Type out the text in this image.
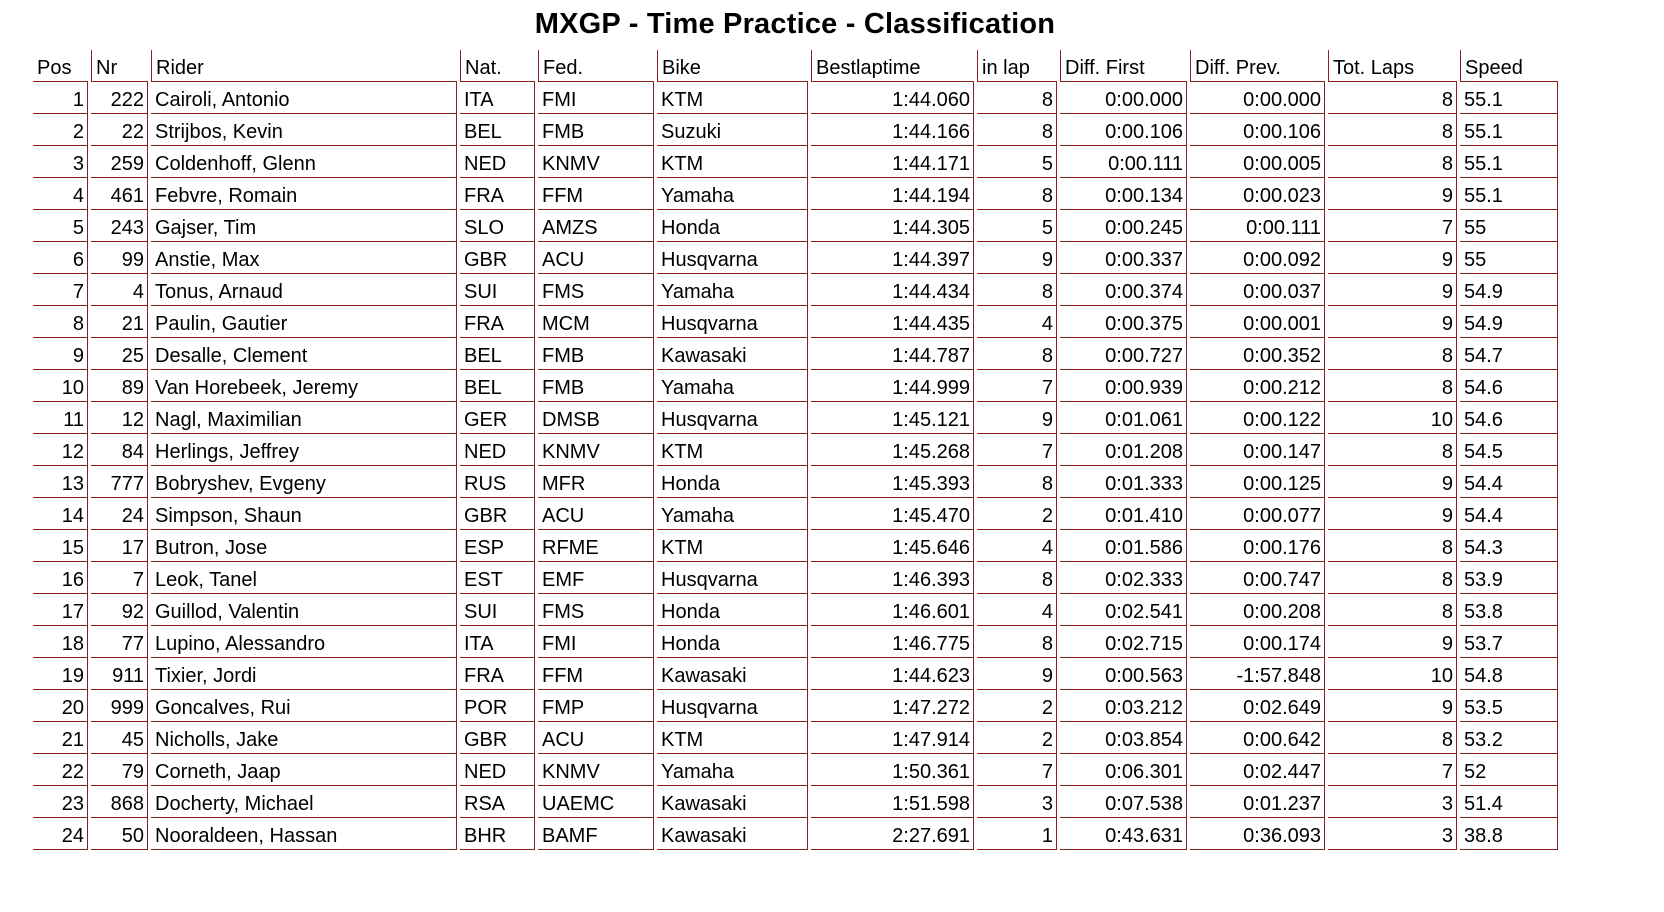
MXGP - Time Practice - Classification
Pos	Nr	Rider	Nat.	Fed.	Bike	Bestlaptime	in lap	Diff. First	Diff. Prev.	Tot. Laps	Speed
1	222	Cairoli, Antonio	ITA	FMI	KTM	1:44.060	8	0:00.000	0:00.000	8	55.1
2	22	Strijbos, Kevin	BEL	FMB	Suzuki	1:44.166	8	0:00.106	0:00.106	8	55.1
3	259	Coldenhoff, Glenn	NED	KNMV	KTM	1:44.171	5	0:00.111	0:00.005	8	55.1
4	461	Febvre, Romain	FRA	FFM	Yamaha	1:44.194	8	0:00.134	0:00.023	9	55.1
5	243	Gajser, Tim	SLO	AMZS	Honda	1:44.305	5	0:00.245	0:00.111	7	55
6	99	Anstie, Max	GBR	ACU	Husqvarna	1:44.397	9	0:00.337	0:00.092	9	55
7	4	Tonus, Arnaud	SUI	FMS	Yamaha	1:44.434	8	0:00.374	0:00.037	9	54.9
8	21	Paulin, Gautier	FRA	MCM	Husqvarna	1:44.435	4	0:00.375	0:00.001	9	54.9
9	25	Desalle, Clement	BEL	FMB	Kawasaki	1:44.787	8	0:00.727	0:00.352	8	54.7
10	89	Van Horebeek, Jeremy	BEL	FMB	Yamaha	1:44.999	7	0:00.939	0:00.212	8	54.6
11	12	Nagl, Maximilian	GER	DMSB	Husqvarna	1:45.121	9	0:01.061	0:00.122	10	54.6
12	84	Herlings, Jeffrey	NED	KNMV	KTM	1:45.268	7	0:01.208	0:00.147	8	54.5
13	777	Bobryshev, Evgeny	RUS	MFR	Honda	1:45.393	8	0:01.333	0:00.125	9	54.4
14	24	Simpson, Shaun	GBR	ACU	Yamaha	1:45.470	2	0:01.410	0:00.077	9	54.4
15	17	Butron, Jose	ESP	RFME	KTM	1:45.646	4	0:01.586	0:00.176	8	54.3
16	7	Leok, Tanel	EST	EMF	Husqvarna	1:46.393	8	0:02.333	0:00.747	8	53.9
17	92	Guillod, Valentin	SUI	FMS	Honda	1:46.601	4	0:02.541	0:00.208	8	53.8
18	77	Lupino, Alessandro	ITA	FMI	Honda	1:46.775	8	0:02.715	0:00.174	9	53.7
19	911	Tixier, Jordi	FRA	FFM	Kawasaki	1:44.623	9	0:00.563	-1:57.848	10	54.8
20	999	Goncalves, Rui	POR	FMP	Husqvarna	1:47.272	2	0:03.212	0:02.649	9	53.5
21	45	Nicholls, Jake	GBR	ACU	KTM	1:47.914	2	0:03.854	0:00.642	8	53.2
22	79	Corneth, Jaap	NED	KNMV	Yamaha	1:50.361	7	0:06.301	0:02.447	7	52
23	868	Docherty, Michael	RSA	UAEMC	Kawasaki	1:51.598	3	0:07.538	0:01.237	3	51.4
24	50	Nooraldeen, Hassan	BHR	BAMF	Kawasaki	2:27.691	1	0:43.631	0:36.093	3	38.8
